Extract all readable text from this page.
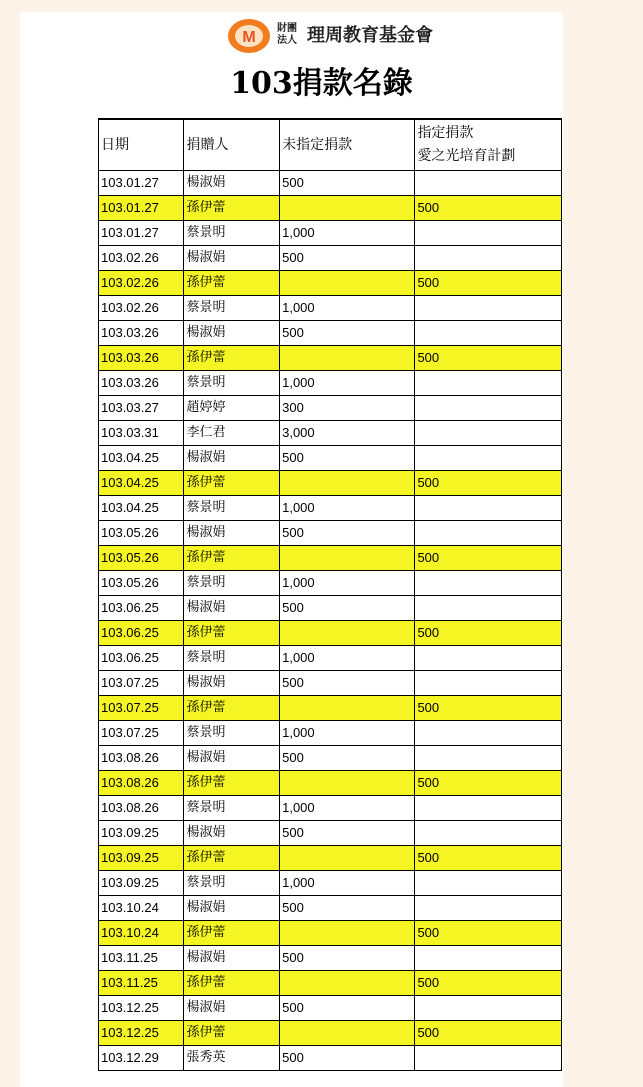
M
財團
法人 理周教育基金會
103捐款名錄
日期	捐贈人	未指定捐款	指定捐款
愛之光培育計劃

103.01.27	楊淑娟	500	
103.01.27	孫伊蕾		500
103.01.27	蔡景明	1,000	
103.02.26	楊淑娟	500	
103.02.26	孫伊蕾		500
103.02.26	蔡景明	1,000	
103.03.26	楊淑娟	500	
103.03.26	孫伊蕾		500
103.03.26	蔡景明	1,000	
103.03.27	趙婷婷	300	
103.03.31	李仁君	3,000	
103.04.25	楊淑娟	500	
103.04.25	孫伊蕾		500
103.04.25	蔡景明	1,000	
103.05.26	楊淑娟	500	
103.05.26	孫伊蕾		500
103.05.26	蔡景明	1,000	
103.06.25	楊淑娟	500	
103.06.25	孫伊蕾		500
103.06.25	蔡景明	1,000	
103.07.25	楊淑娟	500	
103.07.25	孫伊蕾		500
103.07.25	蔡景明	1,000	
103.08.26	楊淑娟	500	
103.08.26	孫伊蕾		500
103.08.26	蔡景明	1,000	
103.09.25	楊淑娟	500	
103.09.25	孫伊蕾		500
103.09.25	蔡景明	1,000	
103.10.24	楊淑娟	500	
103.10.24	孫伊蕾		500
103.11.25	楊淑娟	500	
103.11.25	孫伊蕾		500
103.12.25	楊淑娟	500	
103.12.25	孫伊蕾		500
103.12.29	張秀英	500	
